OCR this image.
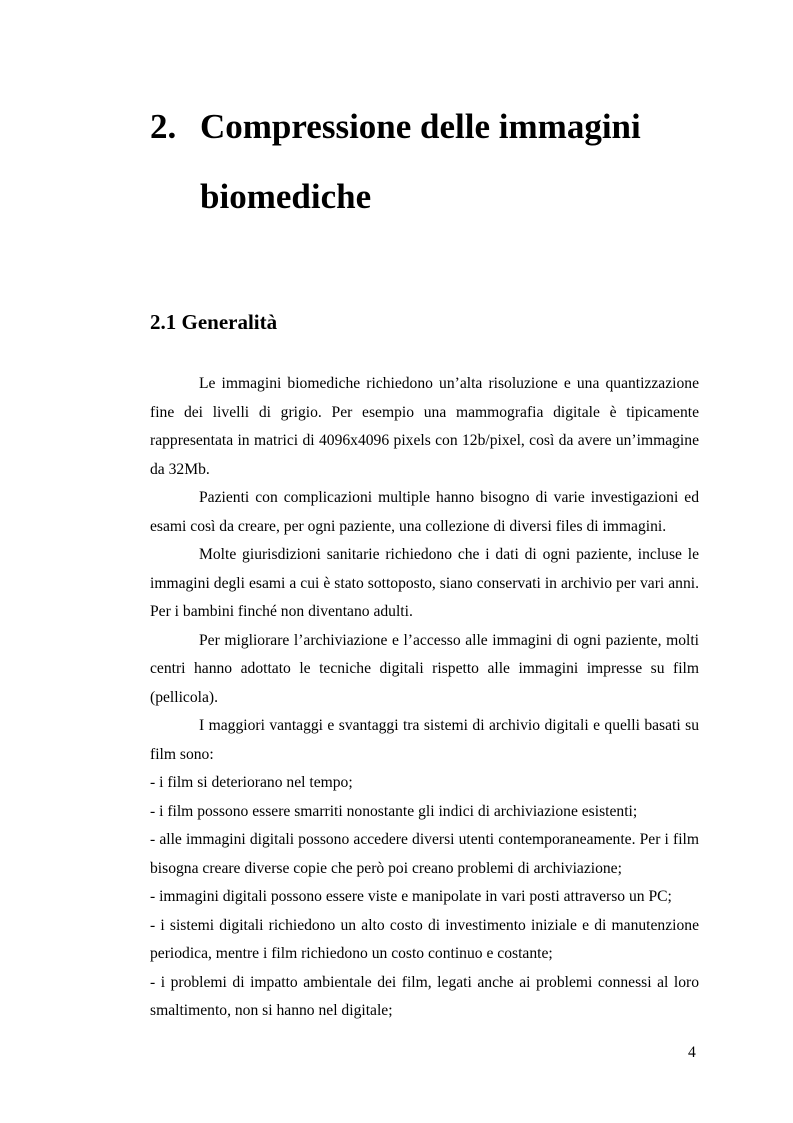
2. Compressione delle immagini biomediche
2.1 Generalità

Le immagini biomediche richiedono un’alta risoluzione e una quantizzazione fine dei livelli di grigio. Per esempio una mammografia digitale è tipicamente rappresentata in matrici di 4096x4096 pixels con 12b/pixel, così da avere un’immagine da 32Mb.

Pazienti con complicazioni multiple hanno bisogno di varie investigazioni ed esami così da creare, per ogni paziente, una collezione di diversi files di immagini.

Molte giurisdizioni sanitarie richiedono che i dati di ogni paziente, incluse le immagini degli esami a cui è stato sottoposto, siano conservati in archivio per vari anni. Per i bambini finché non diventano adulti.

Per migliorare l’archiviazione e l’accesso alle immagini di ogni paziente, molti centri hanno adottato le tecniche digitali rispetto alle immagini impresse su film (pellicola).

I maggiori vantaggi e svantaggi tra sistemi di archivio digitali e quelli basati su film sono:

- i film si deteriorano nel tempo;

- i film possono essere smarriti nonostante gli indici di archiviazione esistenti;

- alle immagini digitali possono accedere diversi utenti contemporaneamente. Per i film bisogna creare diverse copie che però poi creano problemi di archiviazione;

- immagini digitali possono essere viste e manipolate in vari posti attraverso un PC;

- i sistemi digitali richiedono un alto costo di investimento iniziale e di manutenzione periodica, mentre i film richiedono un costo continuo e costante;

- i problemi di impatto ambientale dei film, legati anche ai problemi connessi al loro smaltimento, non si hanno nel digitale;

4
